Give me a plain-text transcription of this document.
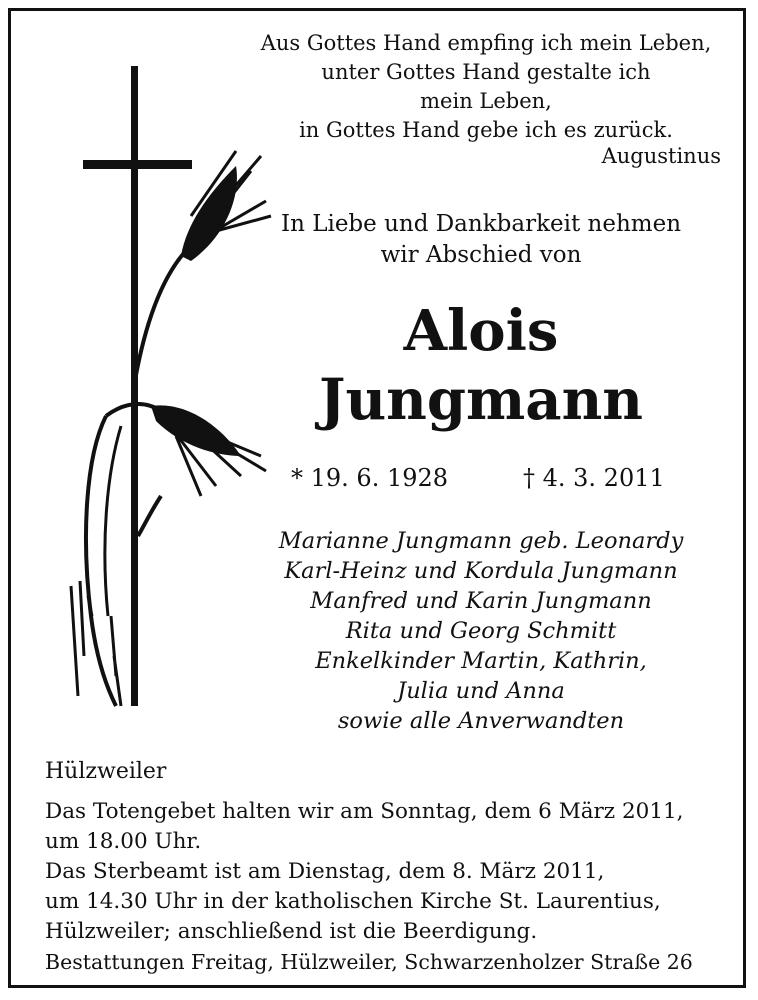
Aus Gottes Hand empfing ich mein Leben,
unter Gottes Hand gestalte ich
mein Leben,
in Gottes Hand gebe ich es zurück.
Augustinus
In Liebe und Dankbarkeit nehmen
wir Abschied von
Alois
Jungmann
* 19. 6. 1928	† 4. 3. 2011
Marianne Jungmann geb. Leonardy
Karl-Heinz und Kordula Jungmann
Manfred und Karin Jungmann
Rita und Georg Schmitt
Enkelkinder Martin, Kathrin,
Julia und Anna
sowie alle Anverwandten
Hülzweiler
Das Totengebet halten wir am Sonntag, dem 6 März 2011,
um 18.00 Uhr.
Das Sterbeamt ist am Dienstag, dem 8. März 2011,
um 14.30 Uhr in der katholischen Kirche St. Laurentius,
Hülzweiler; anschließend ist die Beerdigung.
Bestattungen Freitag, Hülzweiler, Schwarzenholzer Straße 26
